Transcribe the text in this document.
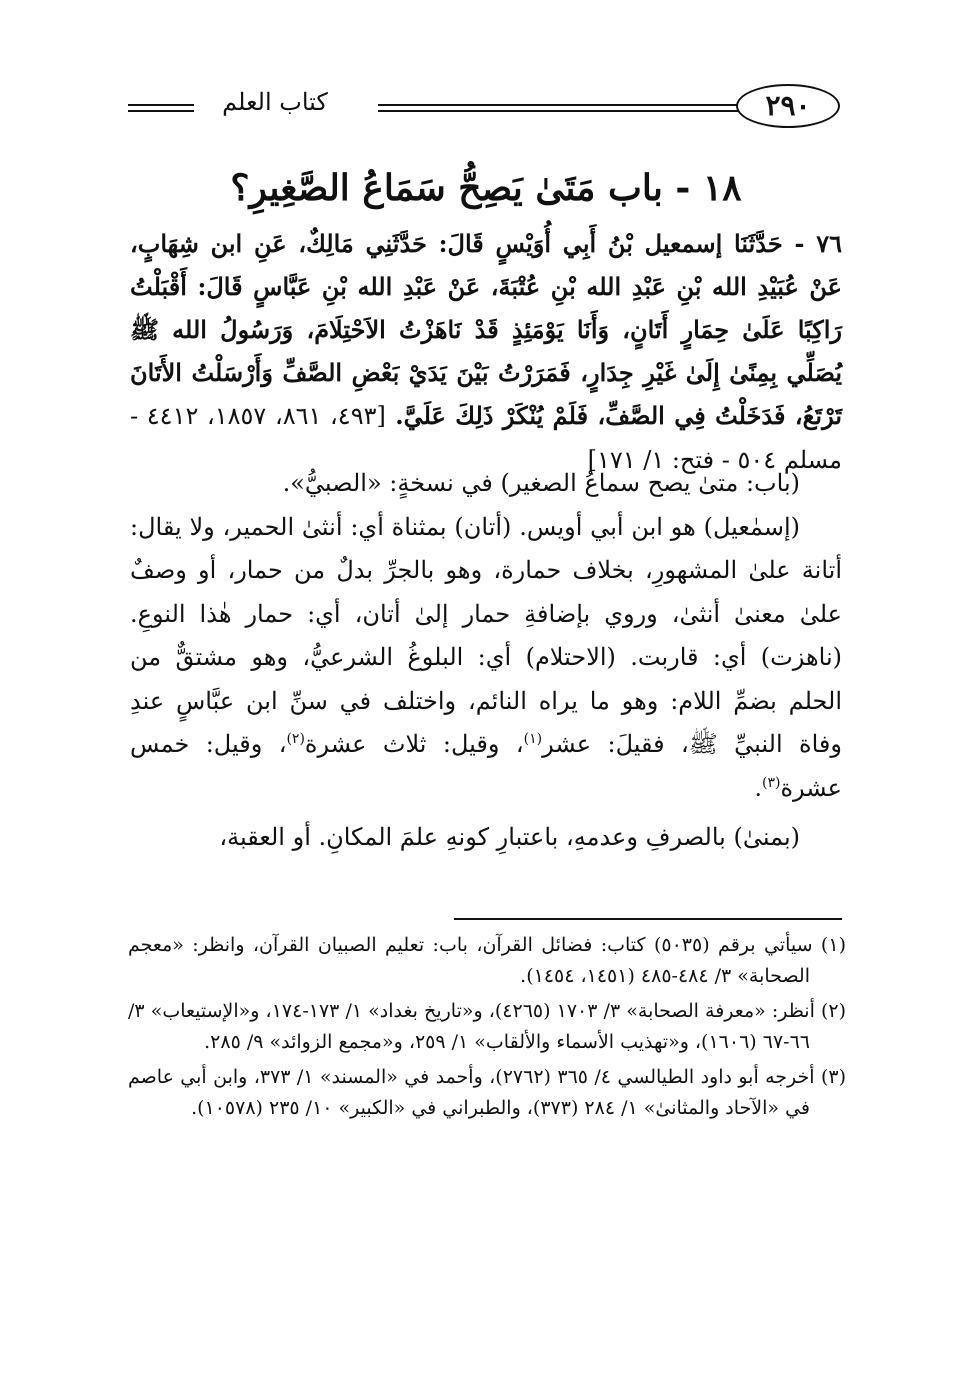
٢٩٠
كتاب العلم
١٨ - باب مَتَىٰ يَصِحُّ سَمَاعُ الصَّغِيرِ؟

٧٦ - حَدَّثَنَا إسمعيل بْنُ أَبِي أُوَيْسٍ قَالَ: حَدَّثَنِي مَالِكٌ، عَنِ ابن شِهَابٍ، عَنْ عُبَيْدِ الله بْنِ عَبْدِ الله بْنِ عُتْبَةَ، عَنْ عَبْدِ الله بْنِ عَبَّاسٍ قَالَ: أَقْبَلْتُ رَاكِبًا عَلَىٰ حِمَارٍ أَتَانٍ، وَأَنَا يَوْمَئِذٍ قَدْ نَاهَزْتُ الاَحْتِلَامَ، وَرَسُولُ الله ﷺ يُصَلِّي بِمِنًىٰ إِلَىٰ غَيْرِ جِدَارٍ، فَمَرَرْتُ بَيْنَ يَدَيْ بَعْضِ الصَّفِّ وَأَرْسَلْتُ الأَتَانَ تَرْتَعُ، فَدَخَلْتُ فِي الصَّفِّ، فَلَمْ يُنْكَرْ ذَلِكَ عَلَيَّ. [٤٩٣، ٨٦١، ١٨٥٧، ٤٤١٢ - مسلم ٥٠٤ - فتح: ١/ ١٧١]

(باب: متىٰ يصح سماعُ الصغير) في نسخةٍ: «الصبيُّ».

(إسمٰعيل) هو ابن أبي أويس. (أتان) بمثناة أي: أنثىٰ الحمير، ولا يقال: أتانة علىٰ المشهورِ، بخلاف حمارة، وهو بالجرِّ بدلٌ من حمار، أو وصفٌ علىٰ معنىٰ أنثىٰ، وروي بإضافةِ حمار إلىٰ أتان، أي: حمار هٰذا النوعِ. (ناهزت) أي: قاربت. (الاحتلام) أي: البلوغُ الشرعيُّ، وهو مشتقٌّ من الحلم بضمِّ اللام: وهو ما يراه النائم، واختلف في سنِّ ابن عبَّاسٍ عندِ وفاة النبيِّ ﷺ، فقيلَ: عشر$^{(١)}$، وقيل: ثلاث عشرة$^{(٢)}$، وقيل: خمس عشرة$^{(٣)}$.

(بمنىٰ) بالصرفِ وعدمهِ، باعتبارِ كونهِ علمَ المكانِ. أو العقبة،

(١) سيأتي برقم (٥٠٣٥) كتاب: فضائل القرآن، باب: تعليم الصبيان القرآن، وانظر: «معجم الصحابة» ٣/ ٤٨٤-٤٨٥ (١٤٥١، ١٤٥٤).

(٢) أنظر: «معرفة الصحابة» ٣/ ١٧٠٣ (٤٢٦٥)، و«تاريخ بغداد» ١/ ١٧٣-١٧٤، و«الإستيعاب» ٣/ ٦٦-٦٧ (١٦٠٦)، و«تهذيب الأسماء والألقاب» ١/ ٢٥٩، و«مجمع الزوائد» ٩/ ٢٨٥.

(٣) أخرجه أبو داود الطيالسي ٤/ ٣٦٥ (٢٧٦٢)، وأحمد في «المسند» ١/ ٣٧٣، وابن أبي عاصم في «الآحاد والمثانىٰ» ١/ ٢٨٤ (٣٧٣)، والطبراني في «الكبير» ١٠/ ٢٣٥ (١٠٥٧٨).
